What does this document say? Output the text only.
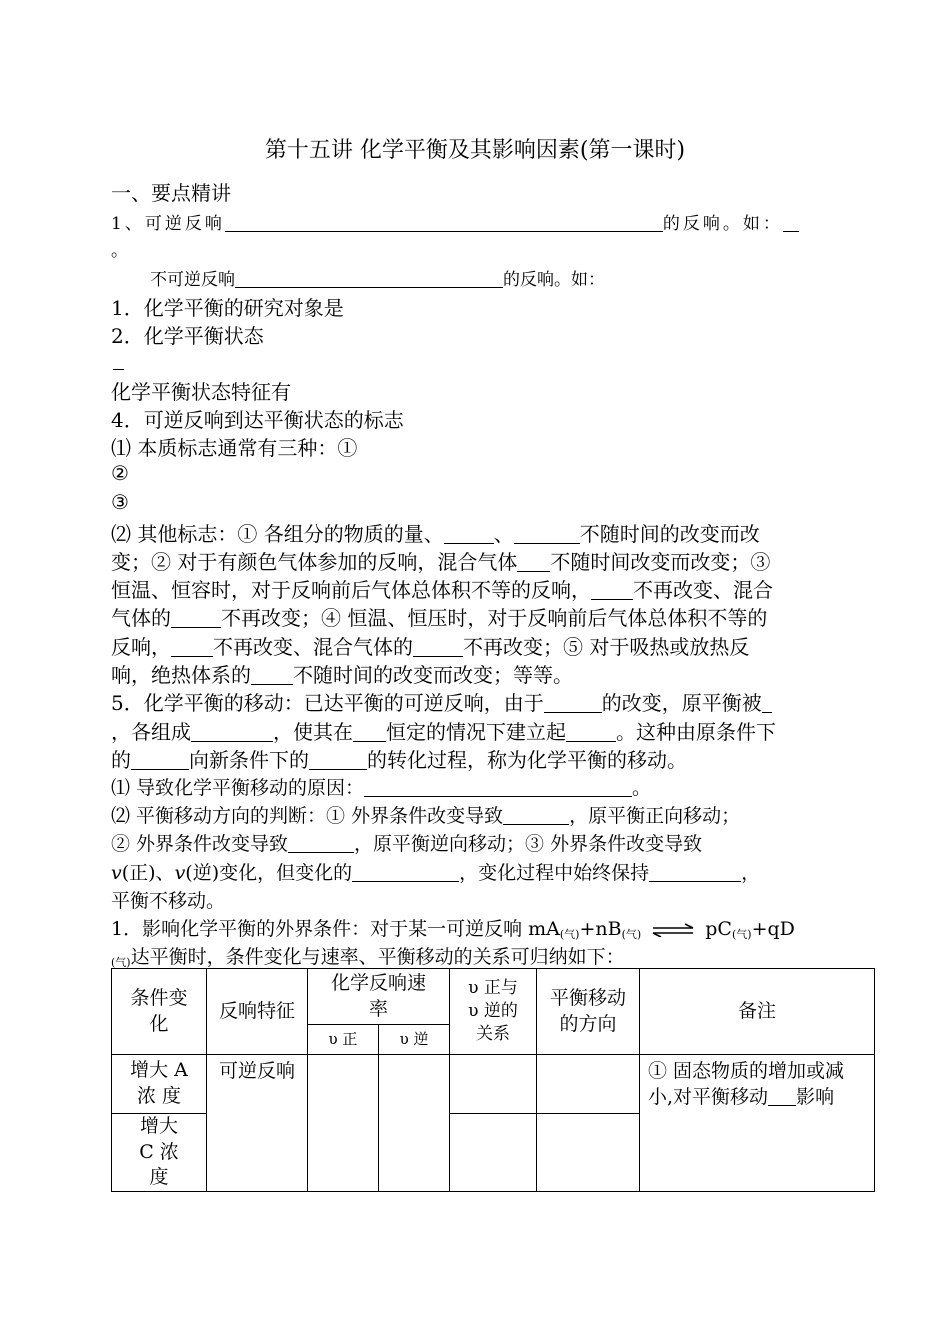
第十五讲 化学平衡及其影响因素(第一课时)
一、要点精讲
1、可逆反响	的反响。如：
。
不可逆反响	的反响。如：
1．化学平衡的研究对象是
2．化学平衡状态
化学平衡状态特征有
4．可逆反响到达平衡状态的标志
⑴ 本质标志通常有三种：①
②
③
⑵ 其他标志：① 各组分的物质的量、	、	不随时间的改变而改
变；② 对于有颜色气体参加的反响，混合气体 不随时间改变而改变；③
恒温、恒容时，对于反响前后气体总体积不等的反响， 不再改变、混合
气体的	不再改变；④ 恒温、恒压时，对于反响前后气体总体积不等的
反响， 不再改变、混合气体的	不再改变；⑤ 对于吸热或放热反
响，绝热体系的 不随时间的改变而改变；等等。
5．化学平衡的移动：已达平衡的可逆反响，由于	的改变，原平衡被
，各组成	，使其在 恒定的情况下建立起	。这种由原条件下
的	向新条件下的	的转化过程，称为化学平衡的移动。
⑴ 导致化学平衡移动的原因：	。
⑵ 平衡移动方向的判断：① 外界条件改变导致	，原平衡正向移动；
② 外界条件改变导致	，原平衡逆向移动；③ 外界条件改变导致
v(正)、v(逆)变化，但变化的	，变化过程中始终保持	，
平衡不移动。
1．影响化学平衡的外界条件：对于某一可逆反响 $mA_{(气)}+nB_{(气)}$ ⇌ $pC_{(气)}+qD$
$_{(气)}$达平衡时，条件变化与速率、平衡移动的关系可归纳如下：
条件变化	反响特征	化学反响速率		υ 正与 υ 逆的关系	平衡移动的方向	备注
		υ 正	υ 逆			
增大 A 浓 度	可逆反响					① 固态物质的增加或减小,对平衡移动 影响
增大 C 浓 度						
